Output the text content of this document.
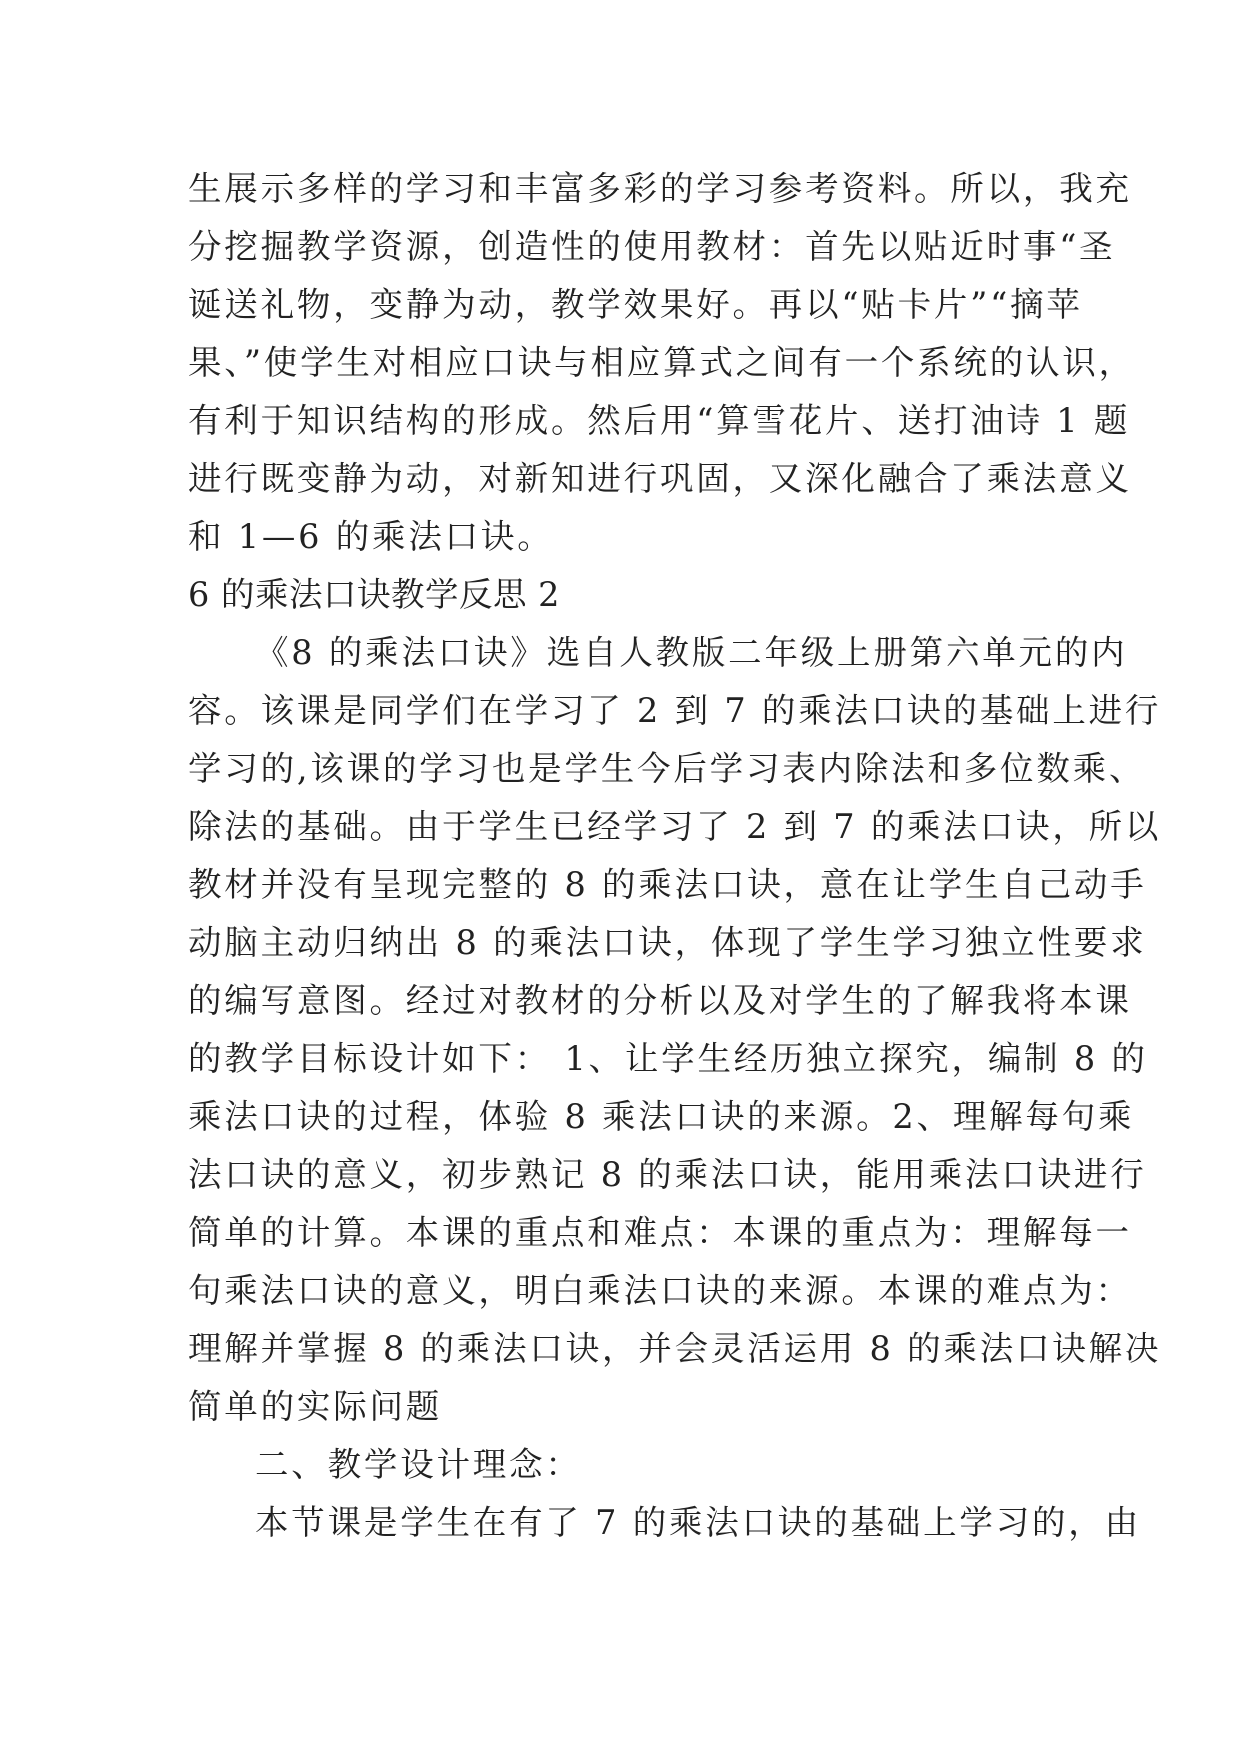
生展示多样的学习和丰富多彩的学习参考资料。所以，我充
分挖掘教学资源，创造性的使用教材：首先以贴近时事“圣
诞送礼物，变静为动，教学效果好。再以“贴卡片”“摘苹
果、”使学生对相应口诀与相应算式之间有一个系统的认识，
有利于知识结构的形成。然后用“算雪花片、送打油诗 1 题
进行既变静为动，对新知进行巩固，又深化融合了乘法意义
和 1—6 的乘法口诀。
6 的乘法口诀教学反思 2
《8 的乘法口诀》选自人教版二年级上册第六单元的内
容。该课是同学们在学习了 2 到 7 的乘法口诀的基础上进行
学习的,该课的学习也是学生今后学习表内除法和多位数乘、
除法的基础。由于学生已经学习了 2 到 7 的乘法口诀，所以
教材并没有呈现完整的 8 的乘法口诀，意在让学生自己动手
动脑主动归纳出 8 的乘法口诀，体现了学生学习独立性要求
的编写意图。经过对教材的分析以及对学生的了解我将本课
的教学目标设计如下： 1、让学生经历独立探究，编制 8 的
乘法口诀的过程，体验 8 乘法口诀的来源。2、理解每句乘
法口诀的意义，初步熟记 8 的乘法口诀，能用乘法口诀进行
简单的计算。本课的重点和难点：本课的重点为：理解每一
句乘法口诀的意义，明白乘法口诀的来源。本课的难点为：
理解并掌握 8 的乘法口诀，并会灵活运用 8 的乘法口诀解决
简单的实际问题
二、教学设计理念：
本节课是学生在有了 7 的乘法口诀的基础上学习的，由
